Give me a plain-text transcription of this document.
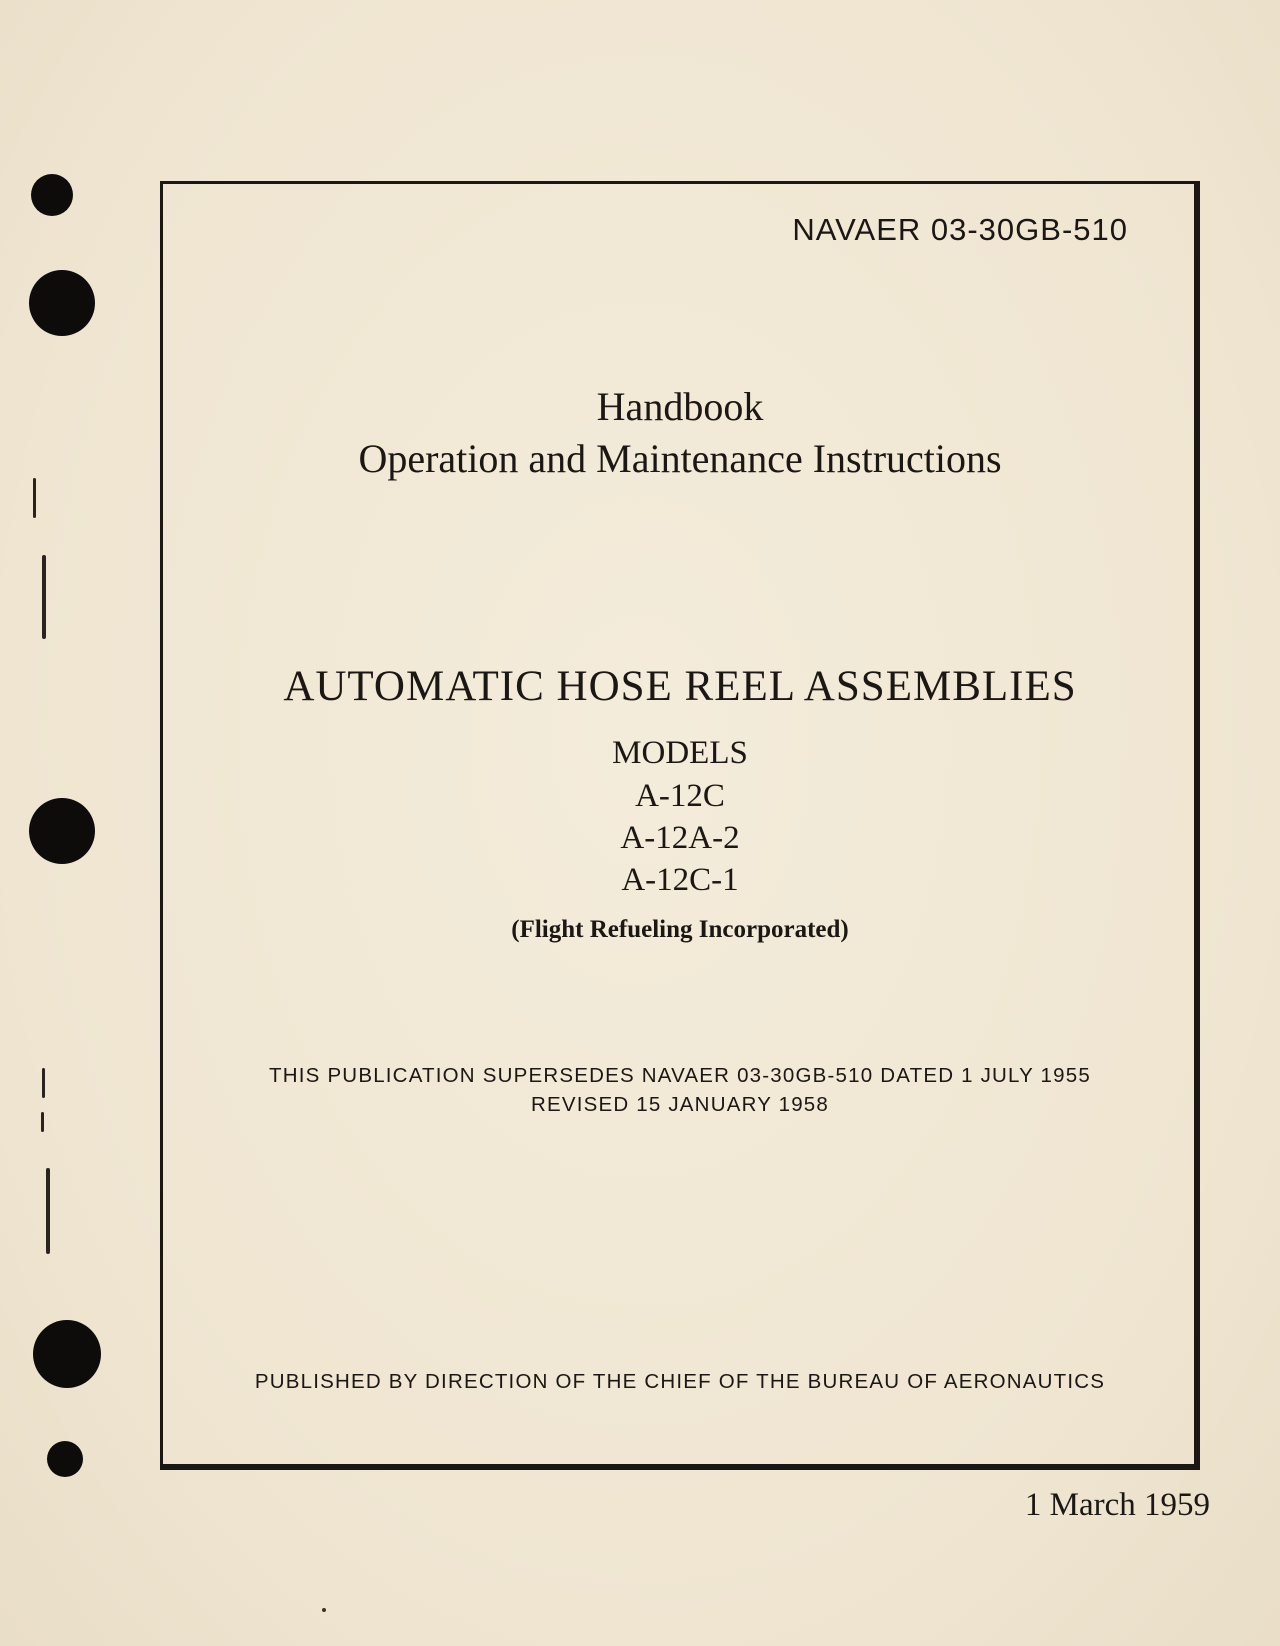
NAVAER 03-30GB-510
Handbook
Operation and Maintenance Instructions
AUTOMATIC HOSE REEL ASSEMBLIES
MODELS
A-12C
A-12A-2
A-12C-1
(Flight Refueling Incorporated)
THIS PUBLICATION SUPERSEDES NAVAER 03-30GB-510 DATED 1 JULY 1955
REVISED 15 JANUARY 1958
PUBLISHED BY DIRECTION OF THE CHIEF OF THE BUREAU OF AERONAUTICS
1 March 1959
